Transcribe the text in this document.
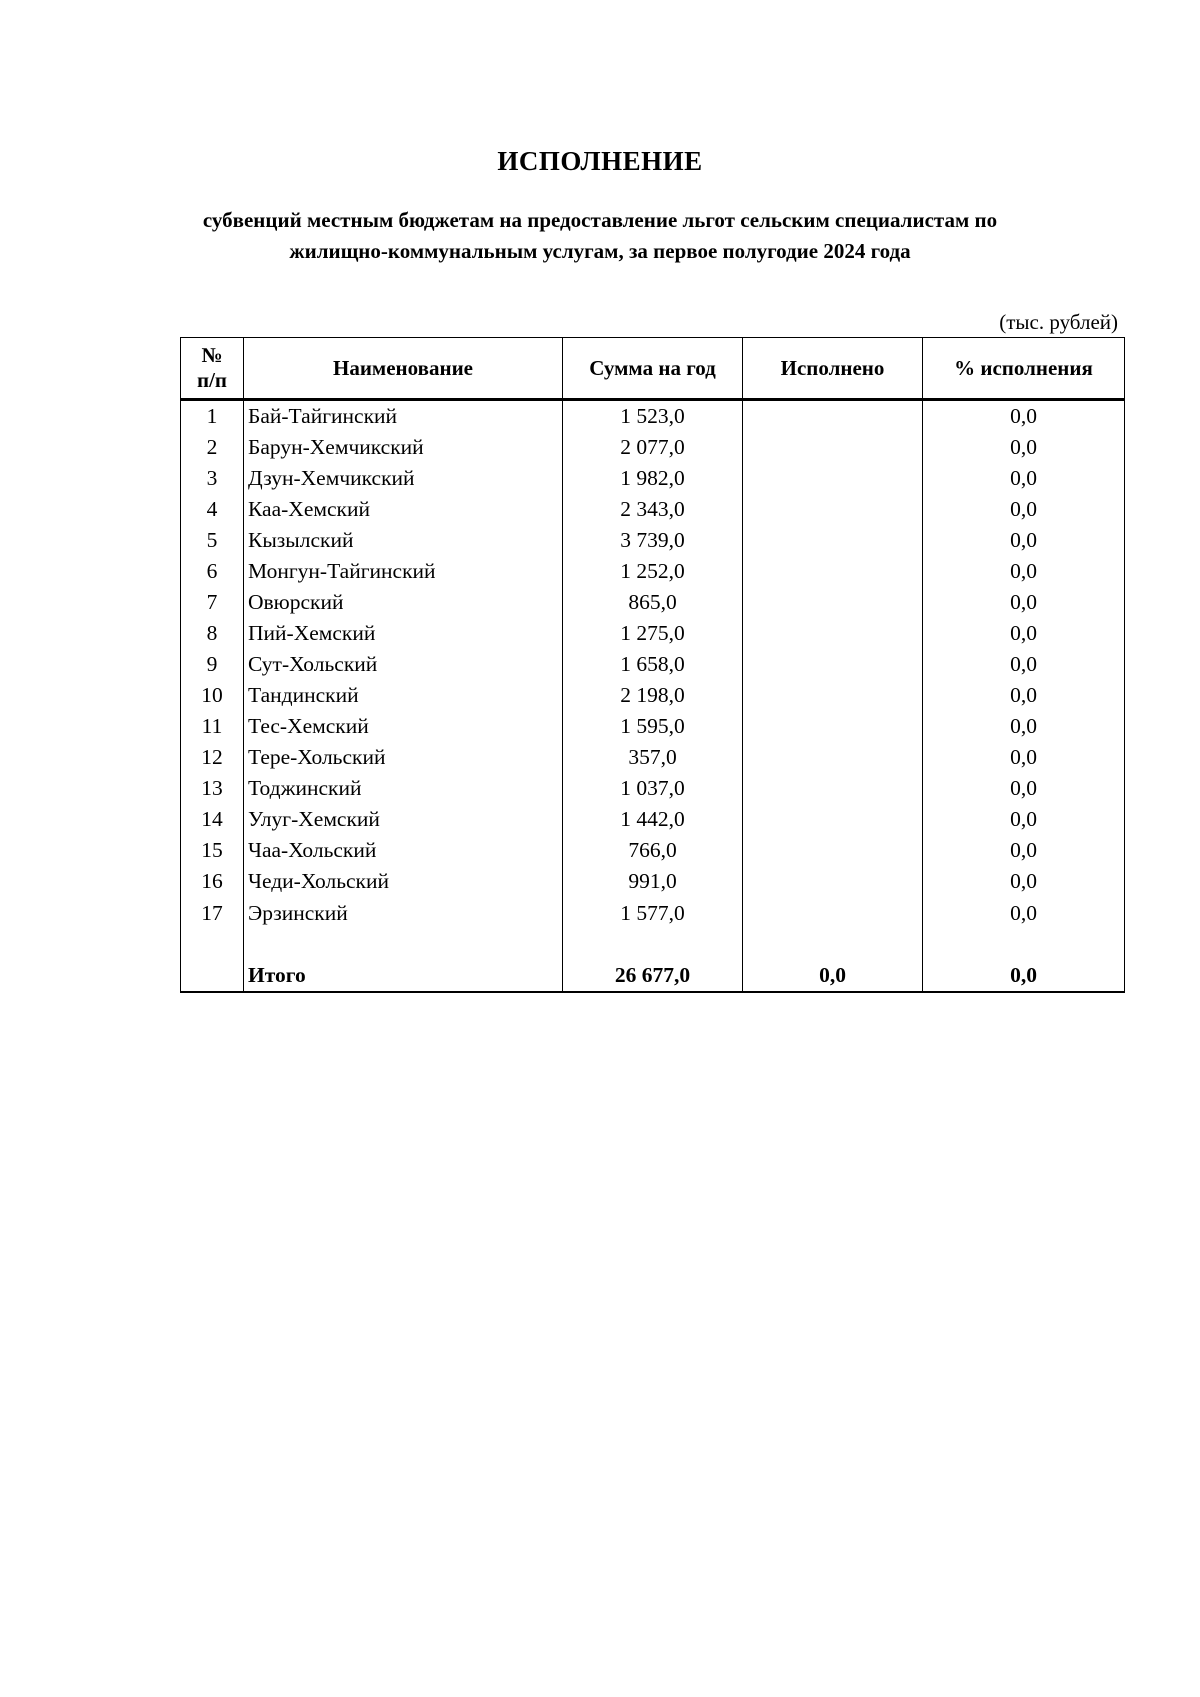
ИСПОЛНЕНИЕ
субвенций местным бюджетам на предоставление льгот сельским специалистам по
жилищно-коммунальным услугам, за первое полугодие 2024 года
(тыс. рублей)
№
п/п	Наименование	Сумма на год	Исполнено	% исполнения
1	Бай-Тайгинский	1 523,0		0,0
2	Барун-Хемчикский	2 077,0		0,0
3	Дзун-Хемчикский	1 982,0		0,0
4	Каа-Хемский	2 343,0		0,0
5	Кызылский	3 739,0		0,0
6	Монгун-Тайгинский	1 252,0		0,0
7	Овюрский	865,0		0,0
8	Пий-Хемский	1 275,0		0,0
9	Сут-Хольский	1 658,0		0,0
10	Тандинский	2 198,0		0,0
11	Тес-Хемский	1 595,0		0,0
12	Тере-Хольский	357,0		0,0
13	Тоджинский	1 037,0		0,0
14	Улуг-Хемский	1 442,0		0,0
15	Чаа-Хольский	766,0		0,0
16	Чеди-Хольский	991,0		0,0
17	Эрзинский	1 577,0		0,0

	Итого	26 677,0	0,0	0,0
